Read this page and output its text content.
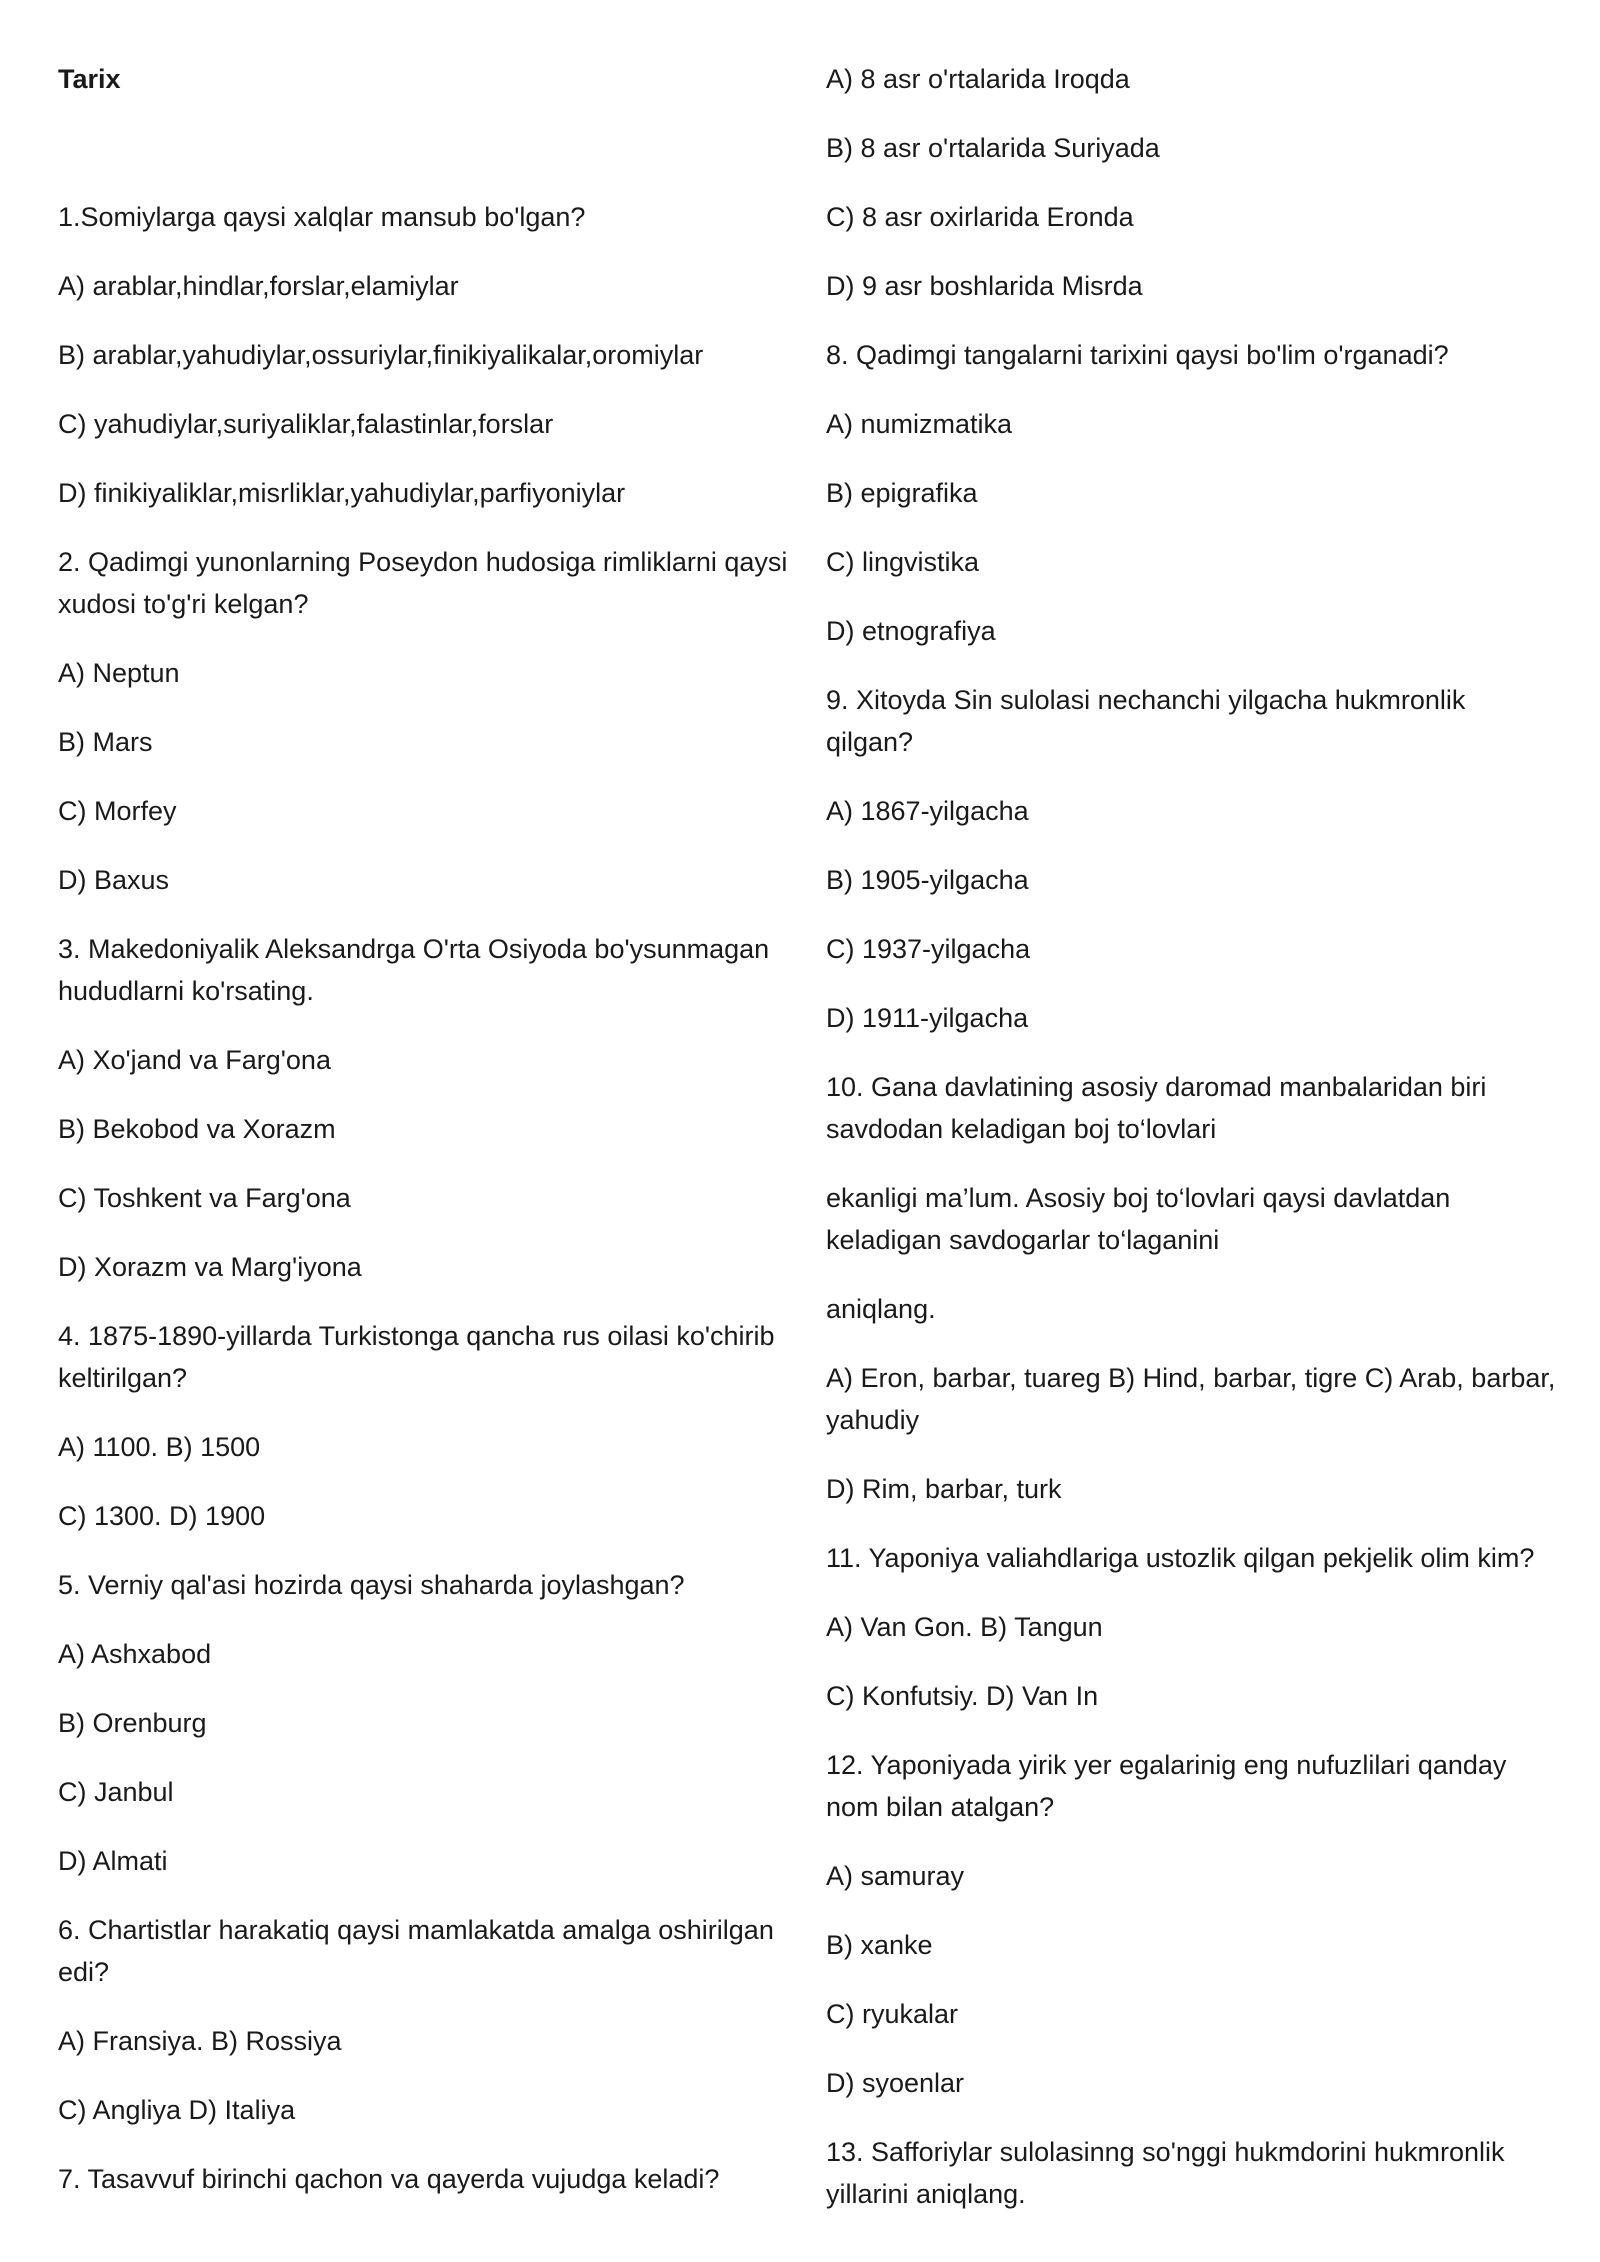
Tarix
1.Somiylarga qaysi xalqlar mansub bo'lgan?
A) arablar,hindlar,forslar,elamiylar
B) arablar,yahudiylar,ossuriylar,finikiyalikalar,oromiylar
C) yahudiylar,suriyaliklar,falastinlar,forslar
D) finikiyaliklar,misrliklar,yahudiylar,parfiyoniylar
2. Qadimgi yunonlarning Poseydon hudosiga rimliklarni qaysi xudosi to'g'ri kelgan?
A) Neptun
B) Mars
C) Morfey
D) Baxus
3. Makedoniyalik Aleksandrga O'rta Osiyoda bo'ysunmagan hududlarni ko'rsating.
A) Xo'jand va Farg'ona
B) Bekobod va Xorazm
C) Toshkent va Farg'ona
D) Xorazm va Marg'iyona
4. 1875-1890-yillarda Turkistonga qancha rus oilasi ko'chirib keltirilgan?
A) 1100. B) 1500
C) 1300. D) 1900
5. Verniy qal'asi hozirda qaysi shaharda joylashgan?
A) Ashxabod
B) Orenburg
C) Janbul
D) Almati
6. Chartistlar harakatiq qaysi mamlakatda amalga oshirilgan edi?
A) Fransiya. B) Rossiya
C) Angliya D) Italiya
7. Tasavvuf birinchi qachon va qayerda vujudga keladi?
A) 8 asr o'rtalarida Iroqda
B) 8 asr o'rtalarida Suriyada
C) 8 asr oxirlarida Eronda
D) 9 asr boshlarida Misrda
8. Qadimgi tangalarni tarixini qaysi bo'lim o'rganadi?
A) numizmatika
B) epigrafika
C) lingvistika
D) etnografiya
9. Xitoyda Sin sulolasi nechanchi yilgacha hukmronlik qilgan?
A) 1867-yilgacha
B) 1905-yilgacha
C) 1937-yilgacha
D) 1911-yilgacha
10. Gana davlatining asosiy daromad manbalaridan biri savdodan keladigan boj to‘lovlari
ekanligi ma’lum. Asosiy boj to‘lovlari qaysi davlatdan keladigan savdogarlar to‘laganini
aniqlang.
A) Eron, barbar, tuareg B) Hind, barbar, tigre C) Arab, barbar, yahudiy
D) Rim, barbar, turk
11. Yaponiya valiahdlariga ustozlik qilgan pekjelik olim kim?
A) Van Gon. B) Tangun
C) Konfutsiy. D) Van In
12. Yaponiyada yirik yer egalarinig eng nufuzlilari qanday nom bilan atalgan?
A) samuray
B) xanke
C) ryukalar
D) syoenlar
13. Safforiylar sulolasinng so'nggi hukmdorini hukmronlik yillarini aniqlang.
